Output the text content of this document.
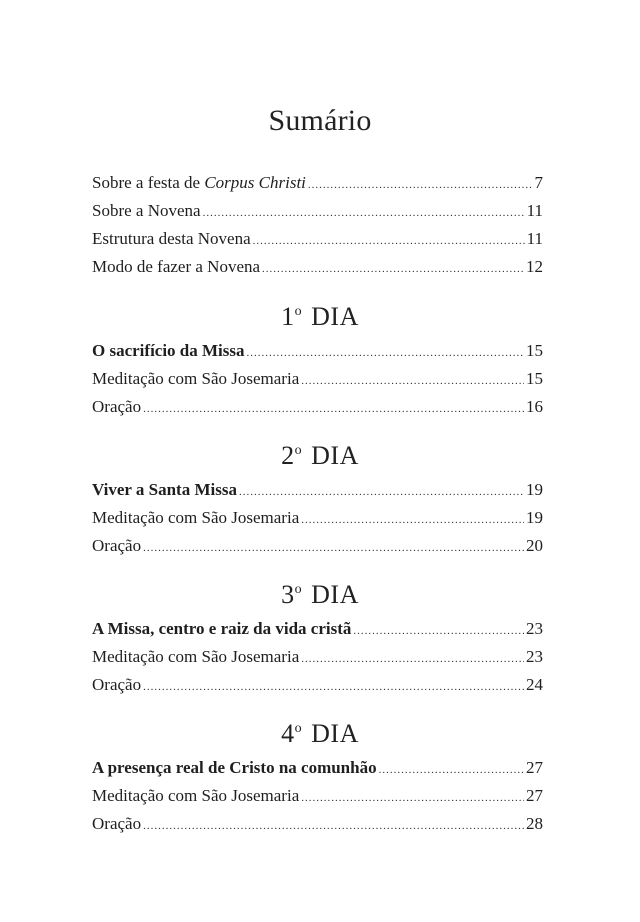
Sumário
Sobre a festa de Corpus Christi .....	7
Sobre a Novena .....	11
Estrutura desta Novena .....	11
Modo de fazer a Novena .....	12
1$^o$ DIA
O sacrifício da Missa .....	15
Meditação com São Josemaria .....	15
Oração .....	16
2$^o$ DIA
Viver a Santa Missa .....	19
Meditação com São Josemaria .....	19
Oração .....	20
3$^o$ DIA
A Missa, centro e raiz da vida cristã .....	23
Meditação com São Josemaria .....	23
Oração .....	24
4$^o$ DIA
A presença real de Cristo na comunhão .....	27
Meditação com São Josemaria .....	27
Oração .....	28
